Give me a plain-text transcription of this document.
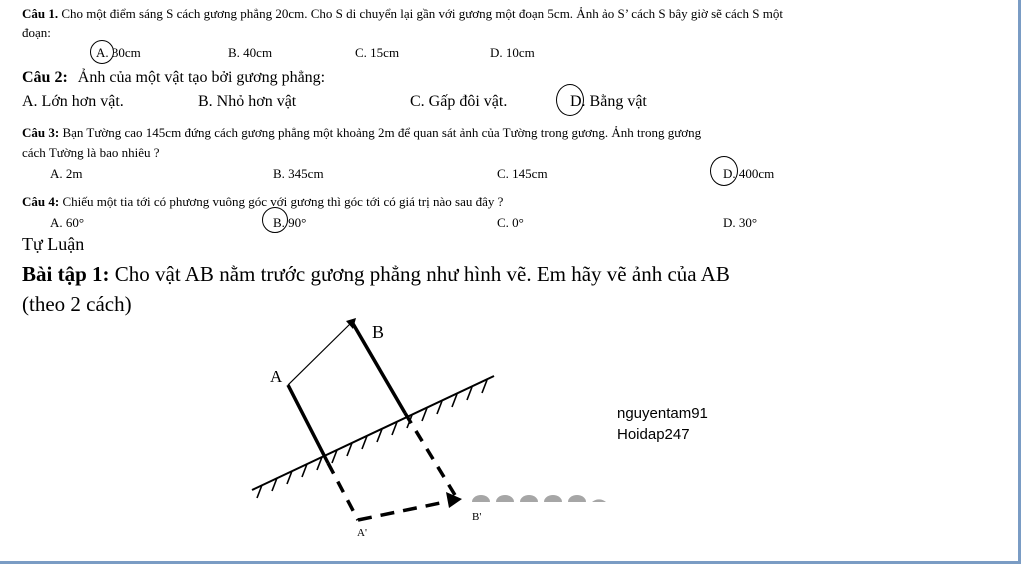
Câu 1. Cho một điểm sáng S cách gương phẳng 20cm. Cho S di chuyển lại gần với gương một đoạn 5cm. Ảnh ảo S’ cách S bây giờ sẽ cách S một
đoạn:
A. 30cm	B. 40cm	C. 15cm	D. 10cm
Câu 2: Ảnh của một vật tạo bởi gương phẳng:
A. Lớn hơn vật.	B. Nhỏ hơn vật	C. Gấp đôi vật.	D. Bằng vật
Câu 3: Bạn Tường cao 145cm đứng cách gương phẳng một khoảng 2m để quan sát ảnh của Tường trong gương. Ảnh trong gương
cách Tường là bao nhiêu ?
A. 2m	B. 345cm	C. 145cm	D. 400cm
Câu 4: Chiếu một tia tới có phương vuông góc với gương thì góc tới có giá trị nào sau đây ?
A. 60°	B. 90°	C. 0°	D. 30°
Tự Luận
Bài tập 1: Cho vật AB nằm trước gương phẳng như hình vẽ. Em hãy vẽ ảnh của AB
(theo 2 cách)
A
B
A'
B'
nguyentam91
Hoidap247
